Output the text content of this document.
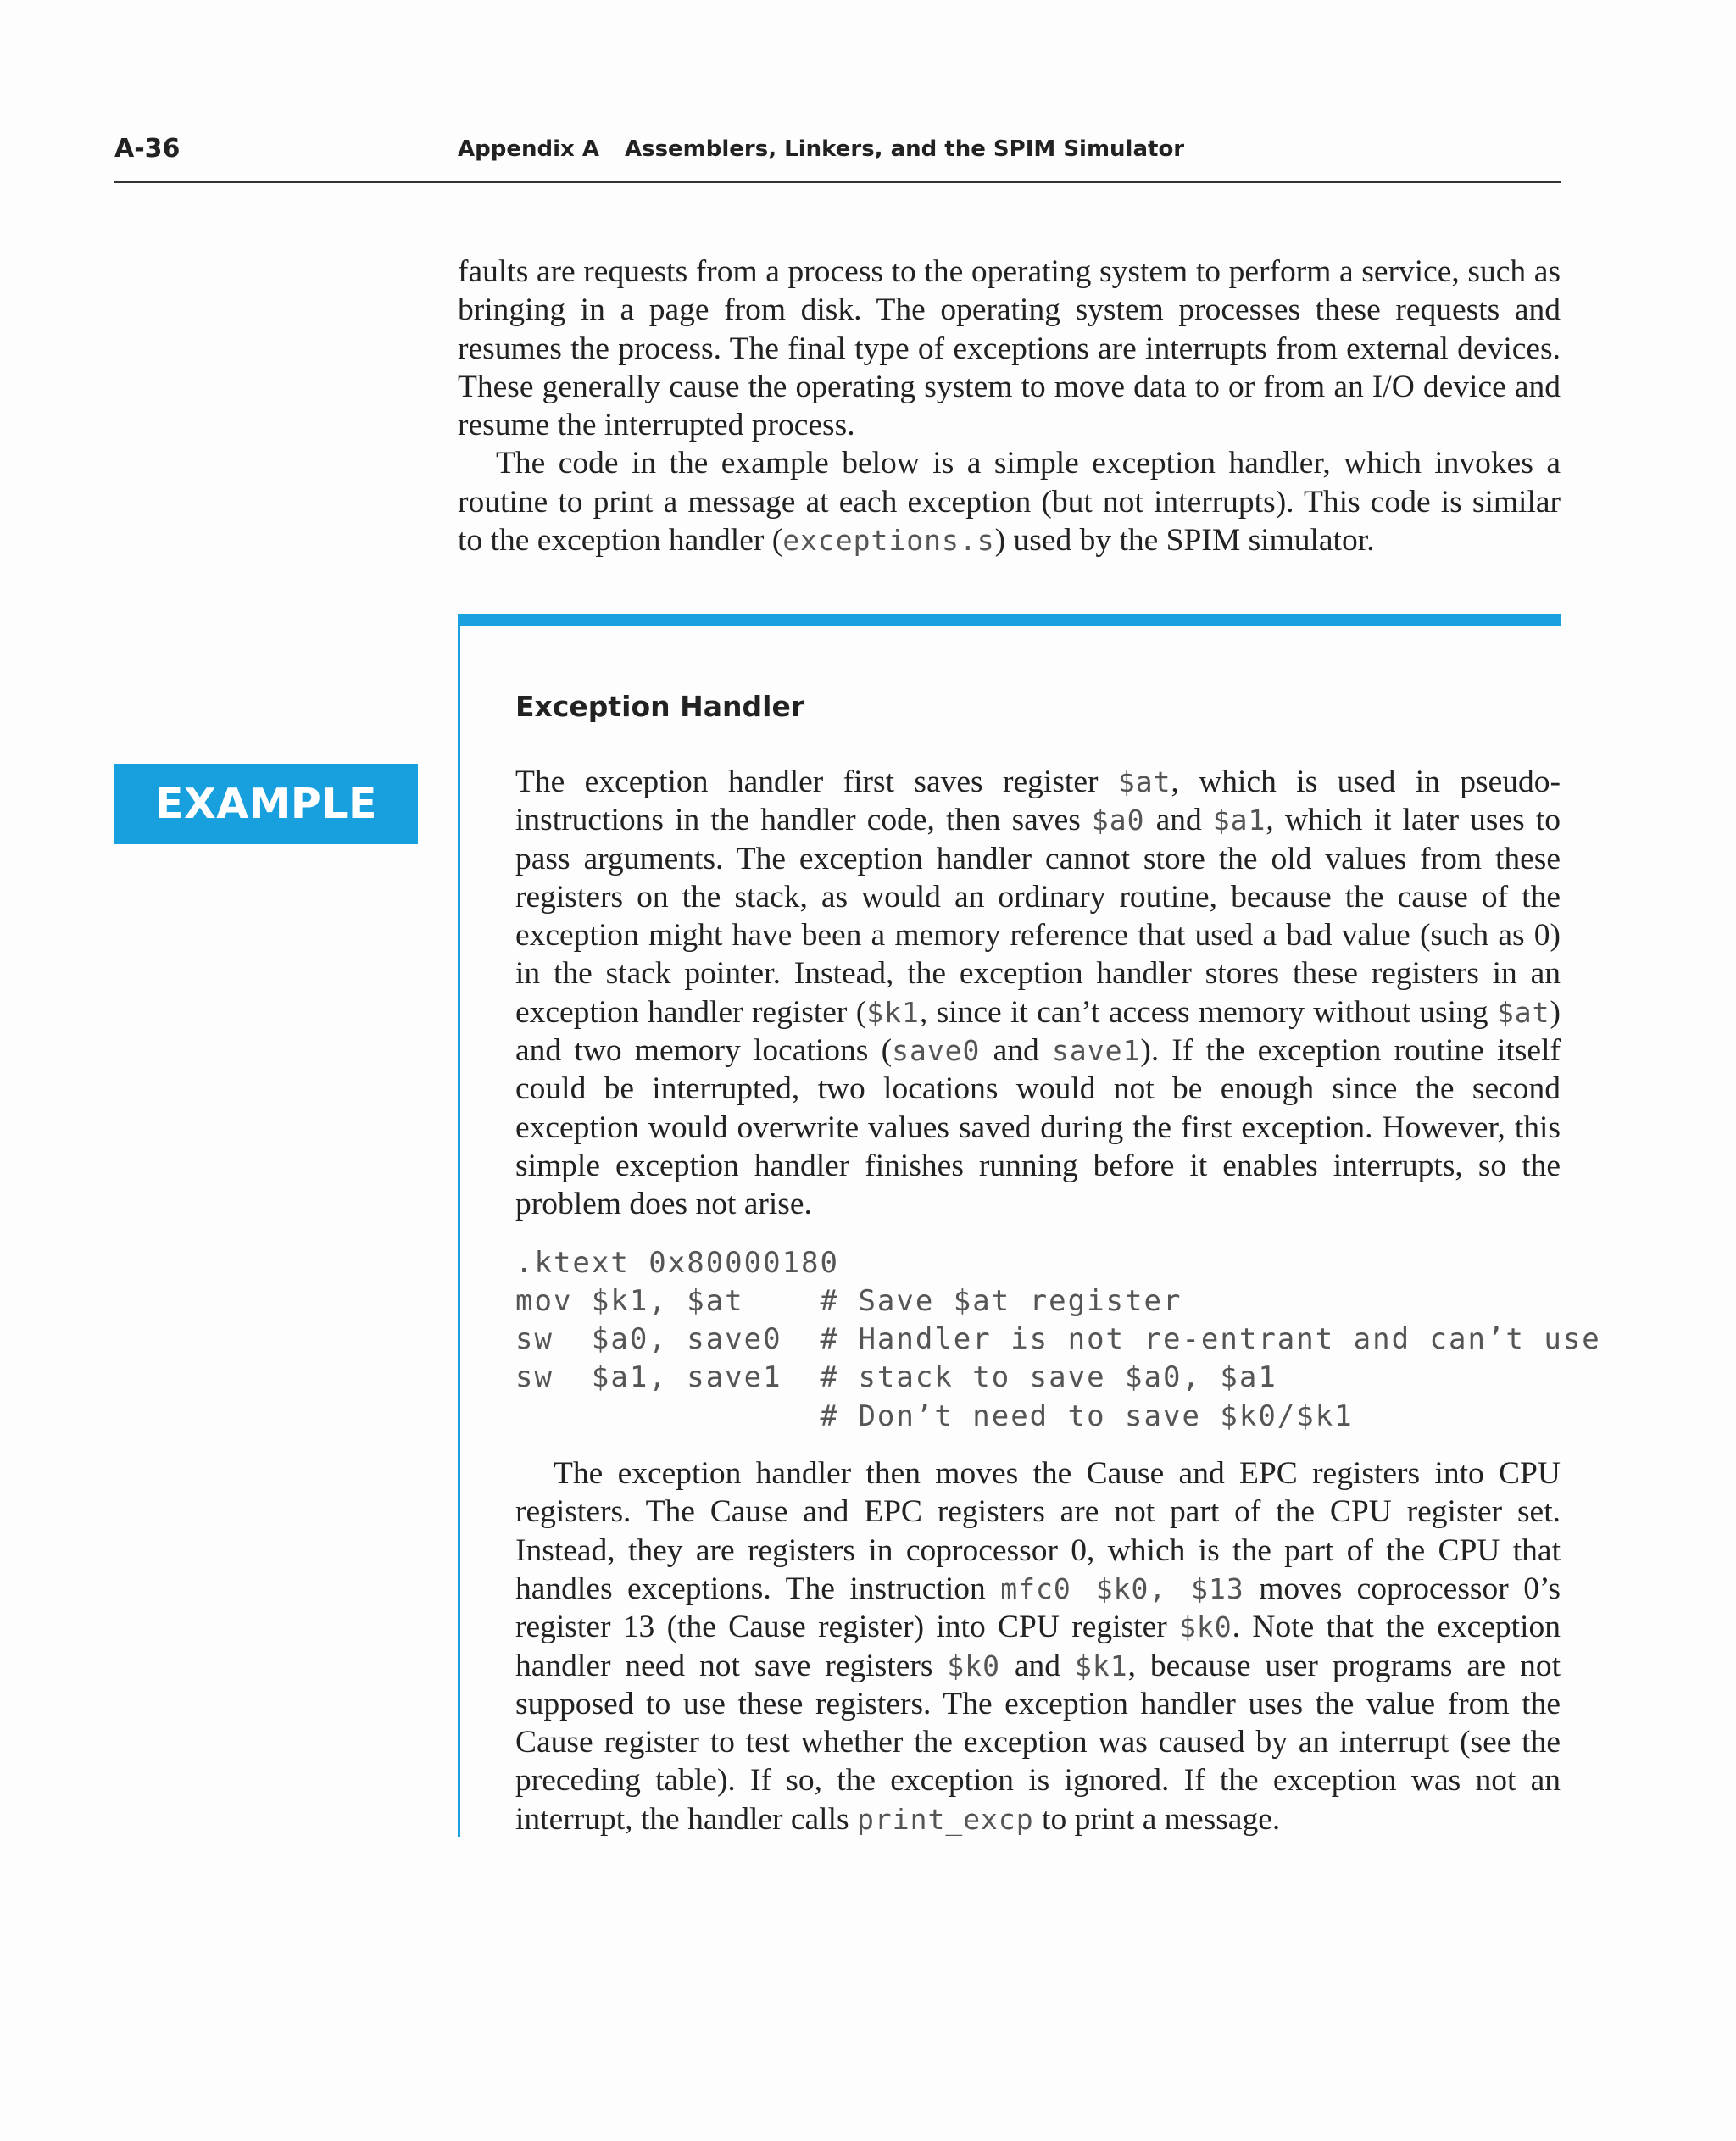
A-36	Appendix A Assemblers, Linkers, and the SPIM Simulator

faults are requests from a process to the operating system to perform a service, such as bringing in a page from disk. The operating system processes these requests and resumes the process. The final type of exceptions are interrupts from external devices. These generally cause the operating system to move data to or from an I/O device and resume the interrupted process.

The code in the example below is a simple exception handler, which invokes a routine to print a message at each exception (but not interrupts). This code is similar to the exception handler (exceptions.s) used by the SPIM simulator.

EXAMPLE
Exception Handler

The exception handler first saves register $at, which is used in pseudo-instructions in the handler code, then saves $a0 and $a1, which it later uses to pass arguments. The exception handler cannot store the old values from these registers on the stack, as would an ordinary routine, because the cause of the exception might have been a memory reference that used a bad value (such as 0) in the stack pointer. Instead, the exception handler stores these registers in an exception handler register ($k1, since it can’t access memory without using $at) and two memory locations (save0 and save1). If the exception routine itself could be interrupted, two locations would not be enough since the second exception would overwrite values saved during the first exception. However, this simple exception handler finishes running before it enables interrupts, so the problem does not arise.

.ktext 0x80000180
mov $k1, $at    # Save $at register
sw  $a0, save0  # Handler is not re-entrant and can’t use
sw  $a1, save1  # stack to save $a0, $a1
# Don’t need to save $k0/$k1

The exception handler then moves the Cause and EPC registers into CPU registers. The Cause and EPC registers are not part of the CPU register set. Instead, they are registers in coprocessor 0, which is the part of the CPU that handles exceptions. The instruction mfc0 $k0, $13 moves coprocessor 0’s register 13 (the Cause register) into CPU register $k0. Note that the exception handler need not save registers $k0 and $k1, because user programs are not supposed to use these registers. The exception handler uses the value from the Cause register to test whether the exception was caused by an interrupt (see the preceding table). If so, the exception is ignored. If the exception was not an interrupt, the handler calls print_excp to print a message.
